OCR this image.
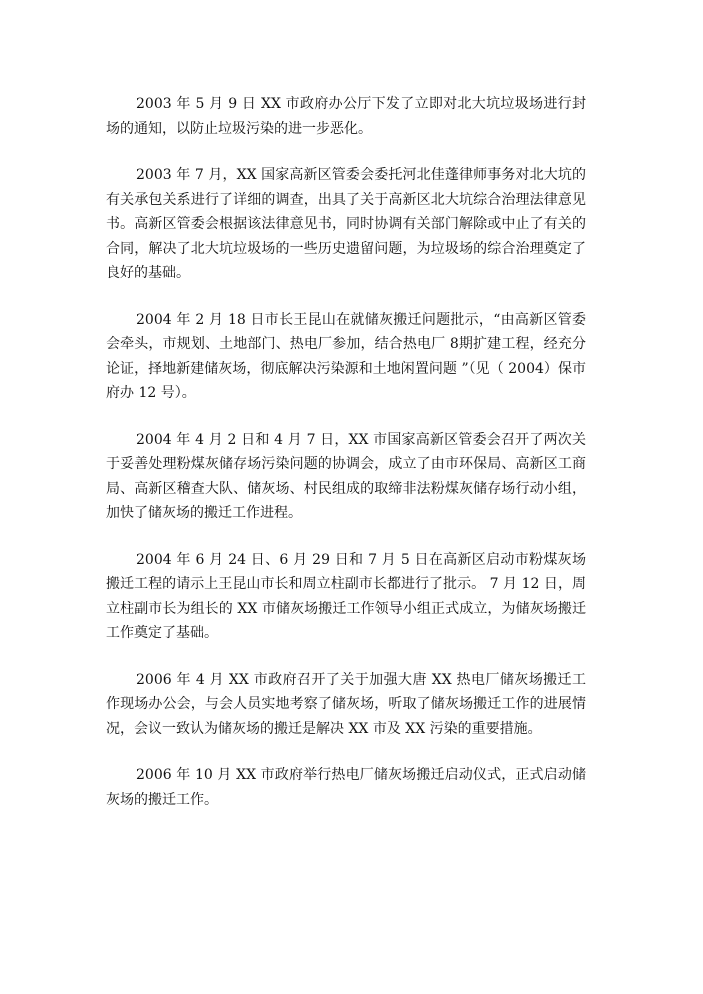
2003 年 5 月 9 日 XX 市政府办公厅下发了立即对北大坑垃圾场进行封场的通知，以防止垃圾污染的进一步恶化。

2003 年 7 月，XX 国家高新区管委会委托河北佳蓬律师事务对北大坑的有关承包关系进行了详细的调查，出具了关于高新区北大坑综合治理法律意见书。高新区管委会根据该法律意见书，同时协调有关部门解除或中止了有关的合同，解决了北大坑垃圾场的一些历史遗留问题，为垃圾场的综合治理奠定了良好的基础。

2004 年 2 月 18 日市长王昆山在就储灰搬迁问题批示，“由高新区管委会牵头，市规划、土地部门、热电厂参加，结合热电厂 8期扩建工程，经充分论证，择地新建储灰场，彻底解决污染源和土地闲置问题 ”（见（ 2004）保市府办 12 号）。

2004 年 4 月 2 日和 4 月 7 日，XX 市国家高新区管委会召开了两次关于妥善处理粉煤灰储存场污染问题的协调会，成立了由市环保局、高新区工商局、高新区稽查大队、储灰场、村民组成的取缔非法粉煤灰储存场行动小组，加快了储灰场的搬迁工作进程。

2004 年 6 月 24 日、6 月 29 日和 7 月 5 日在高新区启动市粉煤灰场搬迁工程的请示上王昆山市长和周立柱副市长都进行了批示。 7 月 12 日，周立柱副市长为组长的 XX 市储灰场搬迁工作领导小组正式成立，为储灰场搬迁工作奠定了基础。

2006 年 4 月 XX 市政府召开了关于加强大唐 XX 热电厂储灰场搬迁工作现场办公会，与会人员实地考察了储灰场，听取了储灰场搬迁工作的进展情况，会议一致认为储灰场的搬迁是解决 XX 市及 XX 污染的重要措施。

2006 年 10 月 XX 市政府举行热电厂储灰场搬迁启动仪式，正式启动储灰场的搬迁工作。
